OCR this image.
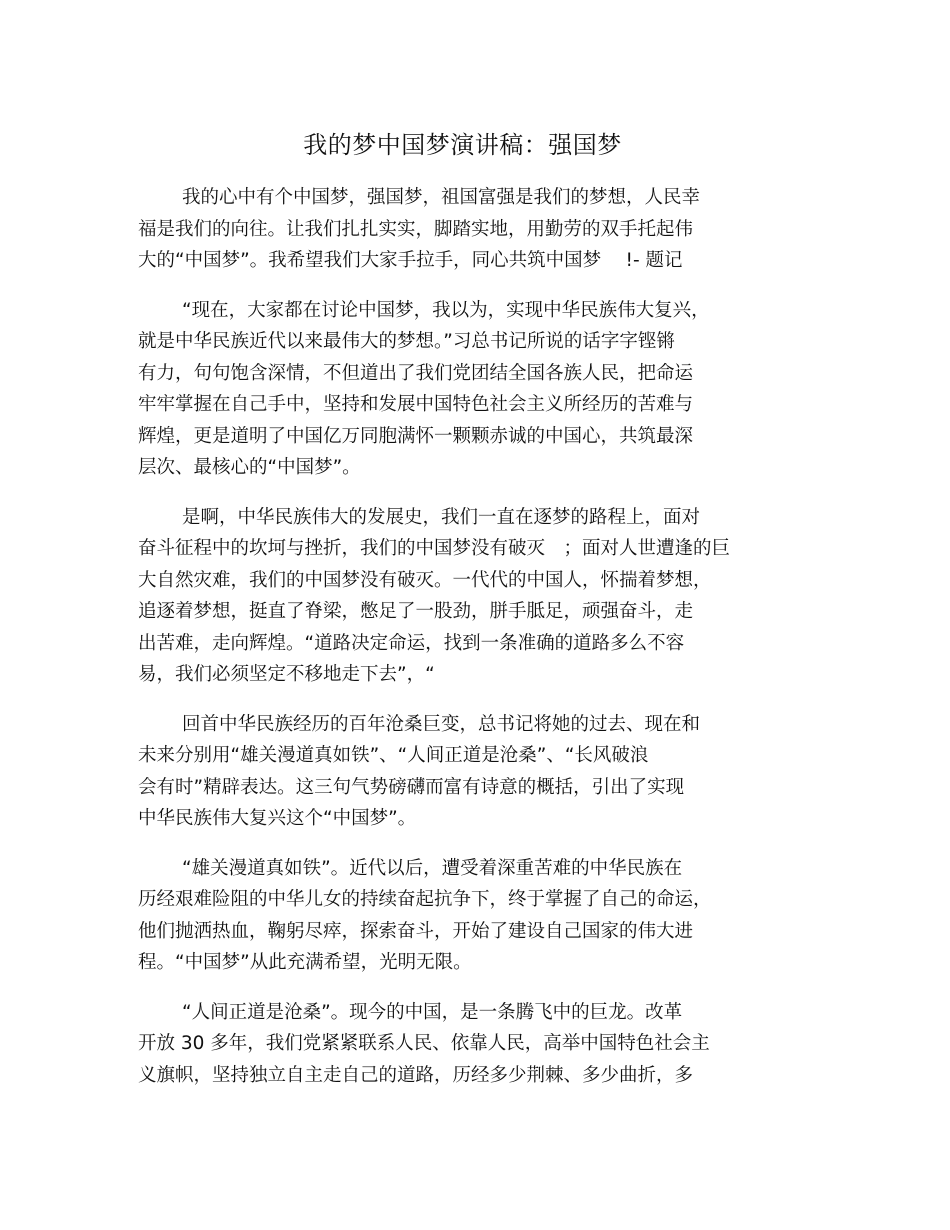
我的梦中国梦演讲稿：强国梦
我的心中有个中国梦，强国梦，祖国富强是我们的梦想，人民幸
福是我们的向往。让我们扎扎实实，脚踏实地，用勤劳的双手托起伟
大的“中国梦”。我希望我们大家手拉手，同心共筑中国梦　 !- 题记
“现在，大家都在讨论中国梦，我以为，实现中华民族伟大复兴，
就是中华民族近代以来最伟大的梦想。”习总书记所说的话字字铿锵
有力，句句饱含深情，不但道出了我们党团结全国各族人民，把命运
牢牢掌握在自己手中，坚持和发展中国特色社会主义所经历的苦难与
辉煌，更是道明了中国亿万同胞满怀一颗颗赤诚的中国心，共筑最深
层次、最核心的“中国梦”。
是啊，中华民族伟大的发展史，我们一直在逐梦的路程上，面对
奋斗征程中的坎坷与挫折，我们的中国梦没有破灭　；面对人世遭逢的巨
大自然灾难，我们的中国梦没有破灭。一代代的中国人，怀揣着梦想，
追逐着梦想，挺直了脊梁，憋足了一股劲，胼手胝足，顽强奋斗，走
出苦难，走向辉煌。“道路决定命运，找到一条准确的道路多么不容
易，我们必须坚定不移地走下去”，“
回首中华民族经历的百年沧桑巨变，总书记将她的过去、现在和
未来分别用“雄关漫道真如铁”、“人间正道是沧桑”、“长风破浪
会有时”精辟表达。这三句气势磅礴而富有诗意的概括，引出了实现
中华民族伟大复兴这个“中国梦”。
“雄关漫道真如铁”。近代以后，遭受着深重苦难的中华民族在
历经艰难险阻的中华儿女的持续奋起抗争下，终于掌握了自己的命运，
他们抛洒热血，鞠躬尽瘁，探索奋斗，开始了建设自己国家的伟大进
程。“中国梦”从此充满希望，光明无限。
“人间正道是沧桑”。现今的中国，是一条腾飞中的巨龙。改革
开放 30 多年，我们党紧紧联系人民、依靠人民，高举中国特色社会主
义旗帜，坚持独立自主走自己的道路，历经多少荆棘、多少曲折，多
